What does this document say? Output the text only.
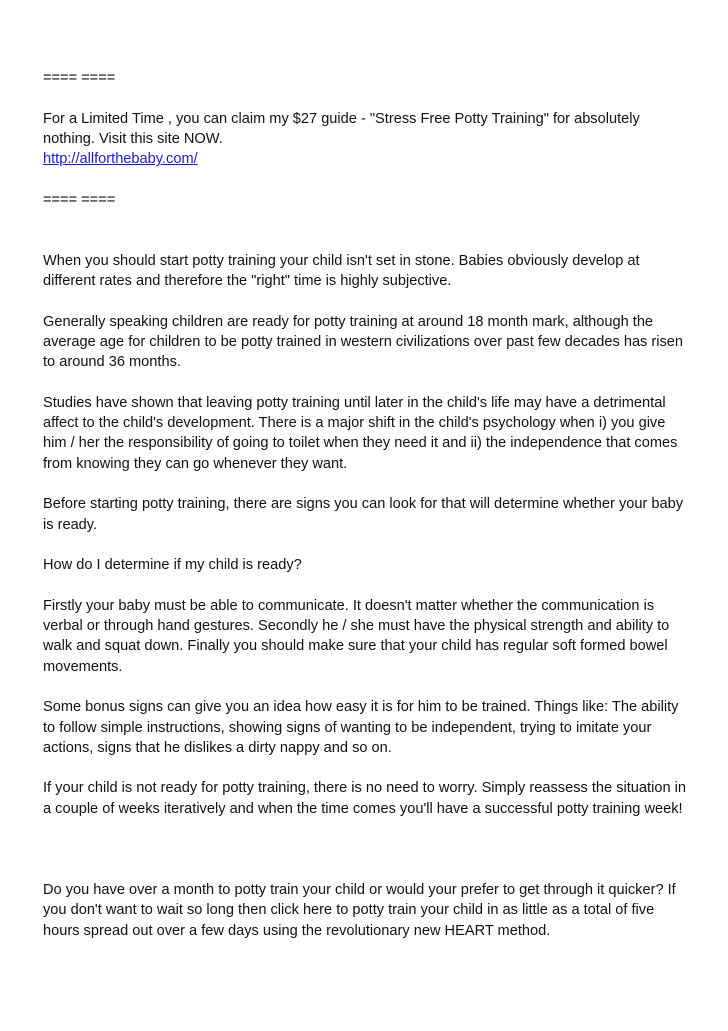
==== ====

For a Limited Time , you can claim my $27 guide - "Stress Free Potty Training" for absolutely nothing. Visit this site NOW.

http://allforthebaby.com/

==== ====

When you should start potty training your child isn't set in stone. Babies obviously develop at different rates and therefore the "right" time is highly subjective.

Generally speaking children are ready for potty training at around 18 month mark, although the average age for children to be potty trained in western civilizations over past few decades has risen to around 36 months.

Studies have shown that leaving potty training until later in the child's life may have a detrimental affect to the child's development. There is a major shift in the child's psychology when i) you give him / her the responsibility of going to toilet when they need it and ii) the independence that comes from knowing they can go whenever they want.

Before starting potty training, there are signs you can look for that will determine whether your baby is ready.

How do I determine if my child is ready?

Firstly your baby must be able to communicate. It doesn't matter whether the communication is verbal or through hand gestures. Secondly he / she must have the physical strength and ability to walk and squat down. Finally you should make sure that your child has regular soft formed bowel movements.

Some bonus signs can give you an idea how easy it is for him to be trained. Things like: The ability to follow simple instructions, showing signs of wanting to be independent, trying to imitate your actions, signs that he dislikes a dirty nappy and so on.

If your child is not ready for potty training, there is no need to worry. Simply reassess the situation in a couple of weeks iteratively and when the time comes you'll have a successful potty training week!

Do you have over a month to potty train your child or would your prefer to get through it quicker? If you don't want to wait so long then click here to potty train your child in as little as a total of five hours spread out over a few days using the revolutionary new HEART method.
